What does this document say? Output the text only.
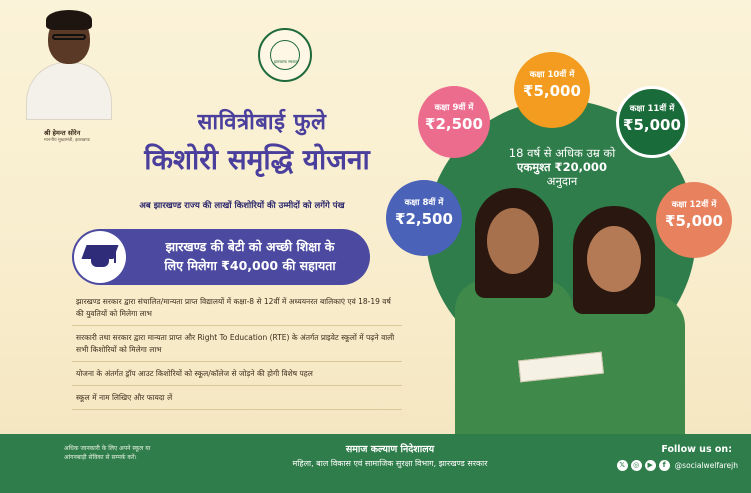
श्री हेमन्त सोरेन
माननीय मुख्यमंत्री, झारखण्ड
झारखण्ड सरकार
सावित्रीबाई फुले
किशोरी समृद्धि योजना
अब झारखण्ड राज्य की लाखों किशोरियों की उम्मीदों को लगेंगे पंख
झारखण्ड की बेटी को अच्छी शिक्षा के
लिए मिलेगा ₹40,000 की सहायता
झारखण्ड सरकार द्वारा संचालित/मान्यता प्राप्त विद्यालयों में कक्षा-8 से 12वीं में अध्ययनरत बालिकाएं एवं 18-19 वर्ष की युवतियों को मिलेगा लाभ
सरकारी तथा सरकार द्वारा मान्यता प्राप्त और Right To Education (RTE) के अंतर्गत प्राइवेट स्कूलों में पढ़ने वाली सभी किशोरियों को मिलेगा लाभ
योजना के अंतर्गत ड्रॉप आउट किशोरियों को स्कूल/कॉलेज से जोड़ने की होगी विशेष पहल
स्कूल में नाम लिखिए और फायदा लें
18 वर्ष से अधिक उम्र को
एकमुश्त ₹20,000
अनुदान
कक्षा 8वीं में
₹2,500
कक्षा 9वीं में
₹2,500
कक्षा 10वीं में
₹5,000
कक्षा 11वीं में
₹5,000
कक्षा 12वीं में
₹5,000
अधिक जानकारी के लिए अपने स्कूल या
आंगनबाड़ी सेविका से सम्पर्क करें।
समाज कल्याण निदेशालय
महिला, बाल विकास एवं सामाजिक सुरक्षा विभाग, झारखण्ड सरकार
Follow us on:
𝕏	◎	▶	f	@socialwelfarejh
